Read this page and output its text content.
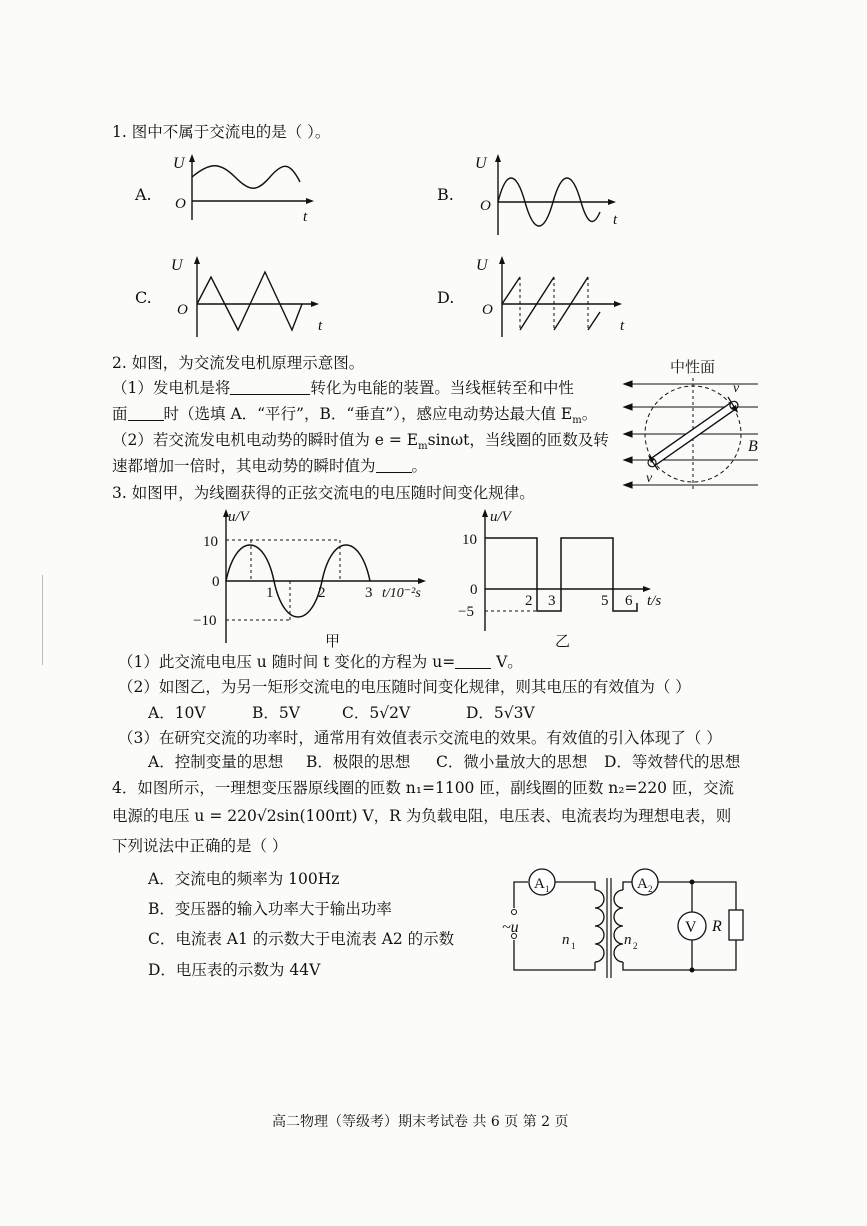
1. 图中不属于交流电的是（ ）。
A.
U
O
t
B.
U
O
t
C.
U
O
t
D.
U
O
t
2. 如图，为交流发电机原理示意图。
（1）发电机是将	转化为电能的装置。当线框转至和中性
面 时（选填 A．“平行”，B．“垂直”），感应电动势达最大值 $E_m$。
（2）若交流发电机电动势的瞬时值为 $e = E_m\sin\omega t$，当线圈的匝数及转
速都增加一倍时，其电动势的瞬时值为 。
中性面
v
v
B
3. 如图甲，为线圈获得的正弦交流电的电压随时间变化规律。
u/V
10
0
−10
1	2	3 t/10⁻²s
甲
u/V
10
0
−5
2 3	5 6 t/s
乙
（1）此交流电电压 u 随时间 t 变化的方程为 u= V。
（2）如图乙，为另一矩形交流电的电压随时间变化规律，则其电压的有效值为（ ）
A．10V	B．5V	C．5√2V	D．5√3V
（3）在研究交流的功率时，通常用有效值表示交流电的效果。有效值的引入体现了（ ）
A．控制变量的思想 B．极限的思想 C．微小量放大的思想 D．等效替代的思想
4．如图所示，一理想变压器原线圈的匝数 n₁=1100 匝，副线圈的匝数 n₂=220 匝，交流
电源的电压 u = 220√2sin(100πt) V，R 为负载电阻，电压表、电流表均为理想电表，则
下列说法中正确的是（ ）
A．交流电的频率为 100Hz
B．变压器的输入功率大于输出功率
C．电流表 A1 的示数大于电流表 A2 的示数
D．电压表的示数为 44V
A 1
~u
n 1	n 2
A 2
V R
高二物理（等级考）期末考试卷 共 6 页 第 2 页
